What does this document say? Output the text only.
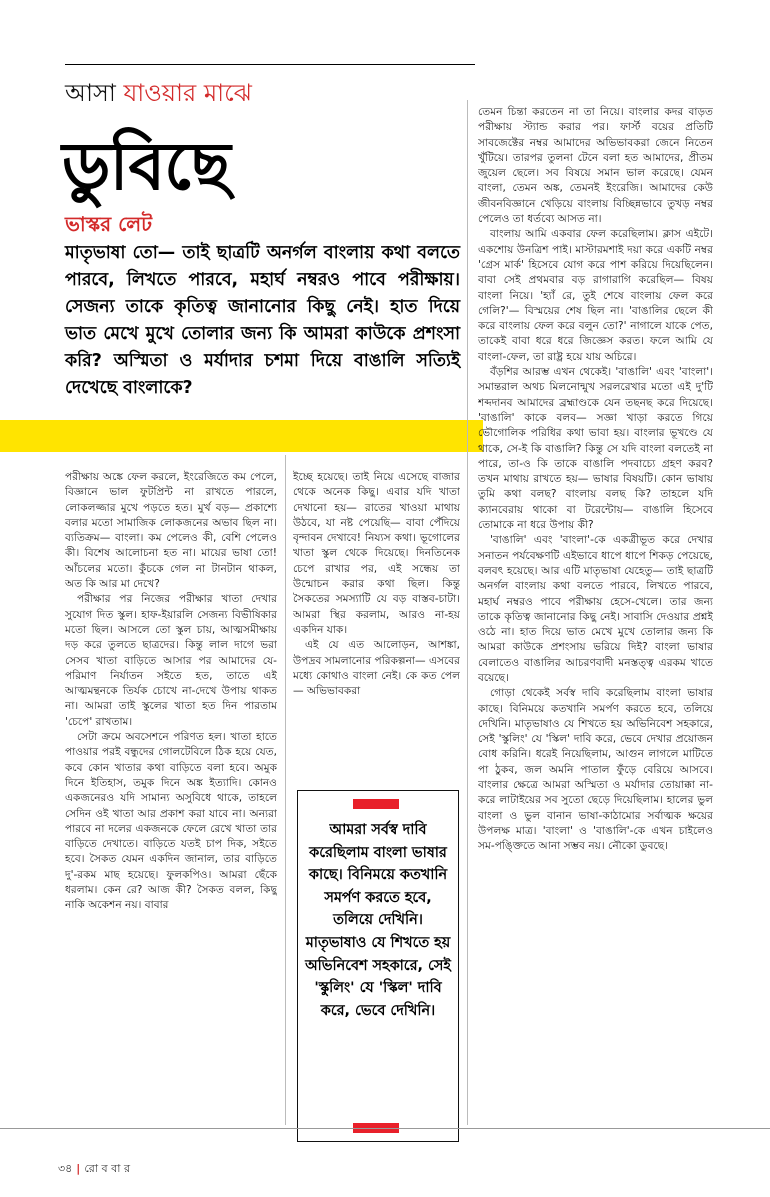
আসা যাওয়ার মাঝে
ডুবিছে
ভাস্কর লেট
মাতৃভাষা তো— তাই ছাত্রটি অনর্গল বাংলায় কথা বলতে পারবে, লিখতে পারবে, মহার্ঘ নম্বরও পাবে পরীক্ষায়। সেজন্য তাকে কৃতিত্ব জানানোর কিছু নেই। হাত দিয়ে ভাত মেখে মুখে তোলার জন্য কি আমরা কাউকে প্রশংসা করি? অস্মিতা ও মর্যাদার চশমা দিয়ে বাঙালি সত্যিই দেখেছে বাংলাকে?

পরীক্ষায় অঙ্কে ফেল করলে, ইংরেজিতে কম পেলে, বিজ্ঞানে ভাল ফুটপ্রিন্ট না রাখতে পারলে, লোকলজ্জার মুখে পড়তে হত। মুর্খ বড়— প্রকাশ্যে বলার মতো সামাজিক লোকজনের অভাব ছিল না। ব্যতিক্রম— বাংলা। কম পেলেও কী, বেশি পেলেও কী। বিশেষ আলোচনা হত না। মায়ের ভাষা তো! আঁচলের মতো। কুঁচকে গেল না টানটান থাকল, অত কি আর মা দেখে?

পরীক্ষার পর নিজের পরীক্ষার খাতা দেখার সুযোগ দিত স্কুল। হাফ-ইয়ারলি সেজন্য বিভীষিকার মতো ছিল। আসলে তো স্কুল চায়, আত্মসমীক্ষায় দড় করে তুলতে ছাত্রদের। কিন্তু লাল দাগে ভরা সেসব খাতা বাড়িতে আসার পর আমাদের যে-পরিমাণ নির্যাতন সইতে হত, তাতে এই আত্মমন্থনকে তির্যক চোখে না-দেখে উপায় থাকত না। আমরা তাই স্কুলের খাতা হত দিন পারতাম 'চেপে' রাখতাম।

সেটা ক্রমে অবসেশনে পরিণত হল। খাতা হাতে পাওয়ার পরই বন্ধুদের গোলটেবিলে ঠিক হয়ে যেত, কবে কোন খাতার কথা বাড়িতে বলা হবে। অমুক দিনে ইতিহাস, তমুক দিনে অঙ্ক ইত্যাদি। কোনও একজনেরও যদি সামান্য অসুবিধে থাকে, তাহলে সেদিন ওই খাতা আর প্রকাশ করা যাবে না। অন্যরা পারবে না দলের একজনকে ফেলে রেখে খাতা তার বাড়িতে দেখাতে। বাড়িতে যতই চাপ দিক, সইতে হবে। সৈকত যেমন একদিন জানাল, তার বাড়িতে দু'-রকম মাছ হয়েছে। ফুলকপিও। আমরা ছেঁকে ধরলাম। কেন রে? আজ কী? সৈকত বলল, কিছু নাকি অকেশন নয়। বাবার

ইচ্ছে হয়েছে। তাই নিয়ে এসেছে বাজার থেকে অনেক কিছু। এবার যদি খাতা দেখানো হয়— রাতের খাওয়া মাথায় উঠবে, যা নষ্ট পেয়েছি— বাবা পেঁদিয়ে বৃন্দাবন দেখাবে! নিয্যস কথা। ভূগোলের খাতা স্কুল থেকে দিয়েছে। দিনতিনেক চেপে রাখার পর, এই সন্ধেয় তা উন্মোচন করার কথা ছিল। কিন্তু সৈকতের সমস্যাটি যে বড় বাস্তব-চাটা। আমরা স্থির করলাম, আরও না-হয় একদিন যাক।

এই যে এত আলোড়ন, আশঙ্কা, উপদ্রব সামলানোর পরিকল্পনা— এসবের মধ্যে কোথাও বাংলা নেই। কে কত পেল— অভিভাবকরা

আমরা সর্বস্ব দাবি করেছিলাম বাংলা ভাষার কাছে। বিনিময়ে কতখানি সমর্পণ করতে হবে, তলিয়ে দেখিনি। মাতৃভাষাও যে শিখতে হয় অভিনিবেশ সহকারে, সেই 'স্কুলিং' যে 'স্কিল' দাবি করে, ভেবে দেখিনি।

তেমন চিন্তা করতেন না তা নিয়ে। বাংলার কদর বাড়ত পরীক্ষায় স্ট্যান্ড করার পর। ফার্স্ট বয়ের প্রতিটি সাবজেক্টের নম্বর আমাদের অভিভাবকরা জেনে নিতেন খুঁটিয়ে। তারপর তুলনা টেনে বলা হত আমাদের, প্রীতম জুয়েল ছেলে। সব বিষয়ে সমান ভাল করেছে। যেমন বাংলা, তেমন অঙ্ক, তেমনই ইংরেজি। আমাদের কেউ জীবনবিজ্ঞানে খেড়িয়ে বাংলায় বিচ্ছিন্নভাবে তুখড় নম্বর পেলেও তা ধর্তব্যে আসত না।

বাংলায় আমি একবার ফেল করেছিলাম। ক্লাস এইটে। একশোয় উনত্রিশ পাই। মাস্টারমশাই দয়া করে একটি নম্বর 'গ্রেস মার্ক' হিসেবে যোগ করে পাশ করিয়ে দিয়েছিলেন। বাবা সেই প্রথমবার বড় রাগারাগি করেছিল— বিষয় বাংলা নিয়ে। 'হ্যাঁ রে, তুই শেষে বাংলায় ফেল করে গেলি?'— বিস্ময়ের শেষ ছিল না। 'বাঙালির ছেলে কী করে বাংলায় ফেল করে বলুন তো?' নাগালে যাকে পেত, তাকেই বাবা ধরে ধরে জিজ্ঞেস করত। ফলে আমি যে বাংলা-ফেল, তা রাষ্ট্র হয়ে যায় অচিরে।

বঁড়শির আরম্ভ এখন থেকেই। 'বাঙালি' এবং 'বাংলা'। সমান্তরাল অথচ মিলনোন্মুখ সরলরেখার মতো এই দু'টি শব্দদানব আমাদের ব্রহ্মাণ্ডকে যেন তছনছ করে দিয়েছে। 'বাঙালি' কাকে বলব— সজ্ঞা খাড়া করতে গিয়ে ভৌগোলিক পরিধির কথা ভাবা হয়। বাংলার ভূখণ্ডে যে থাকে, সে-ই কি বাঙালি? কিন্তু সে যদি বাংলা বলতেই না পারে, তা-ও কি তাকে বাঙালি পদবাচ্যে গ্রহণ করব? তখন মাথায় রাখতে হয়— ভাষার বিষয়টি। কোন ভাষায় তুমি কথা বলছ? বাংলায় বলছ কি? তাহলে যদি ক্যানবেরায় থাকো বা টরেন্টোয়— বাঙালি হিসেবে তোমাকে না ধরে উপায় কী?

'বাঙালি' এবং 'বাংলা'-কে একত্রীভূত করে দেখার সনাতন পর্যবেক্ষণটি এইভাবে ধাপে ধাপে শিকড় পেয়েছে, বলবৎ হয়েছে। আর এটি মাতৃভাষা যেহেতু— তাই ছাত্রটি অনর্গল বাংলায় কথা বলতে পারবে, লিখতে পারবে, মহার্ঘ নম্বরও পাবে পরীক্ষায় হেসে-খেলে। তার জন্য তাকে কৃতিত্ব জানানোর কিছু নেই। সাবাসি দেওয়ার প্রশ্নই ওঠে না। হাত দিয়ে ভাত মেখে মুখে তোলার জন্য কি আমরা কাউকে প্রশংসায় ভরিয়ে দিই? বাংলা ভাষার বেলাতেও বাঙালির আচরণবাদী মনস্তত্ত্ব এরকম খাতে বয়েছে।

গোড়া থেকেই সর্বস্ব দাবি করেছিলাম বাংলা ভাষার কাছে। বিনিময়ে কতখানি সমর্পণ করতে হবে, তলিয়ে দেখিনি। মাতৃভাষাও যে শিখতে হয় অভিনিবেশ সহকারে, সেই 'স্কুলিং' যে 'স্কিল' দাবি করে, ভেবে দেখার প্রয়োজন বোধ করিনি। ধরেই নিয়েছিলাম, আগুন লাগলে মাটিতে পা ঠুকব, জল অমনি পাতাল ফুঁড়ে বেরিয়ে আসবে। বাংলার ক্ষেত্রে আমরা অস্মিতা ও মর্যাদার তোয়াক্কা না-করে লাটাইয়ের সব সুতো ছেড়ে দিয়েছিলাম। হালের ভুল বাংলা ও ভুল বানান ভাষা-কাঠামোর সর্বাত্মক ক্ষয়ের উপলক্ষ মাত্র। 'বাংলা' ও 'বাঙালি'-কে এখন চাইলেও সম-পঙ্ক্তিতে আনা সম্ভব নয়। নৌকো ডুবছে।

৩৪ | রো ব বা র
